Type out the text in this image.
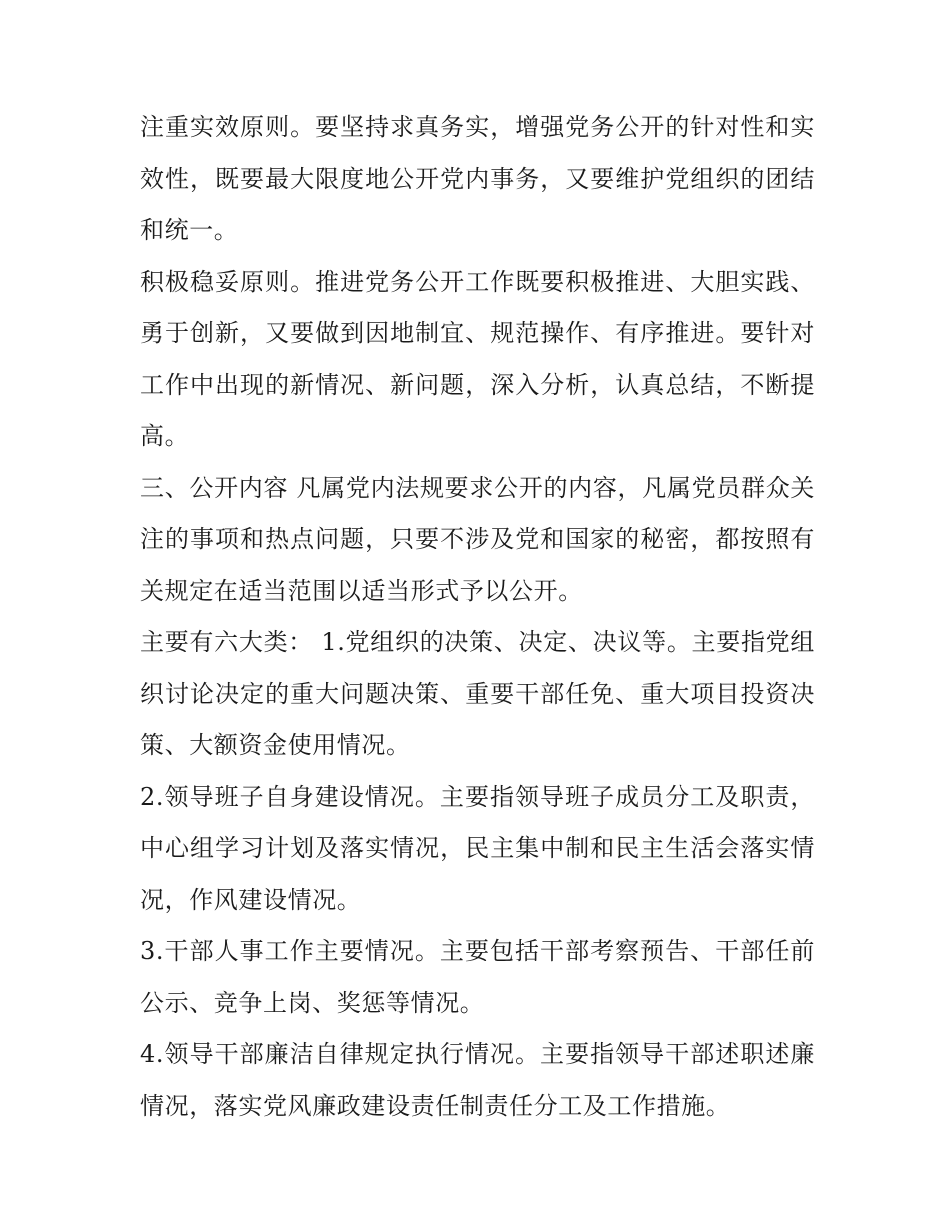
注重实效原则。要坚持求真务实，增强党务公开的针对性和实效性，既要最大限度地公开党内事务，又要维护党组织的团结和统一。

积极稳妥原则。推进党务公开工作既要积极推进、大胆实践、勇于创新，又要做到因地制宜、规范操作、有序推进。要针对工作中出现的新情况、新问题，深入分析，认真总结，不断提高。

三、公开内容 凡属党内法规要求公开的内容，凡属党员群众关注的事项和热点问题，只要不涉及党和国家的秘密，都按照有关规定在适当范围以适当形式予以公开。

主要有六大类： 1.党组织的决策、决定、决议等。主要指党组织讨论决定的重大问题决策、重要干部任免、重大项目投资决策、大额资金使用情况。

2.领导班子自身建设情况。主要指领导班子成员分工及职责，中心组学习计划及落实情况，民主集中制和民主生活会落实情况，作风建设情况。

3.干部人事工作主要情况。主要包括干部考察预告、干部任前公示、竞争上岗、奖惩等情况。

4.领导干部廉洁自律规定执行情况。主要指领导干部述职述廉情况，落实党风廉政建设责任制责任分工及工作措施。
